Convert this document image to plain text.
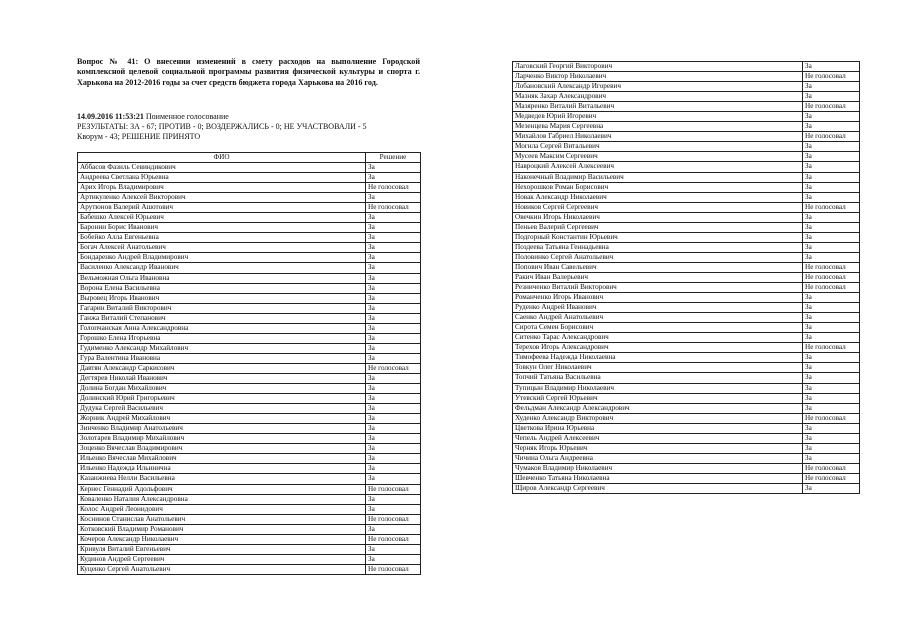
Вопрос № 41: О внесении изменений в смету расходов на выполнение Городской комплексной целевой социальной программы развития физической культуры и спорта г. Харькова на 2012-2016 годы за счет средств бюджета города Харькова на 2016 год.
14.09.2016 11:53:21 Поименное голосование
РЕЗУЛЬТАТЫ: ЗА - 67; ПРОТИВ - 0; ВОЗДЕРЖАЛИСЬ - 0; НЕ УЧАСТВОВАЛИ - 5
Кворум - 43; РЕШЕНИЕ ПРИНЯТО
ФИО	Решение
Аббасов Фазиль Севиндикович	За
Андреева Светлана Юрьевна	За
Арих Игорь Владимирович	Не голосовал
Артикуленко Алексей Викторович	За
Арутюнов Валерий Ашотович	Не голосовал
Бабешко Алексей Юрьевич	За
Баронин Борис Иванович	За
Бобейко Алла Евгеньевна	За
Богач Алексей Анатольевич	За
Бондаренко Андрей Владимирович	За
Василенко Александр Иванович	За
Вельможная Ольга Ивановна	За
Ворона Елена Васильевна	За
Выровец Игорь Иванович	За
Гагарин Виталий Викторович	За
Ганжа Виталий Степанович	За
Голопчанская Анна Александровна	За
Горошко Елена Игорьевна	За
Гудименко Александр Михайлович	За
Гура Валентина Ивановна	За
Давтян Александр Саркисович	Не голосовал
Дегтярев Николай Иванович	За
Долина Богдан Михайлович	За
Долинский Юрий Григорьевич	За
Дудука Сергей Васильевич	За
Жорник Андрей Михайлович	За
Зинченко Владимир Анатольевич	За
Золотарев Владимир Михайлович	За
Зоценко Вячеслав Владимирович	За
Ильенко Вячеслав Михайлович	За
Ильенко Надежда Ильинична	За
Казанжиева Нелли Васильевна	За
Кернес Геннадий Адольфович	Не голосовал
Коваленко Наталия Александровна	За
Колос Андрей Леонидович	За
Коснинов Станислав Анатольевич	Не голосовал
Котковский Владимир Романович	За
Кочеров Александр Николаевич	Не голосовал
Кривуля Виталий Евгеньевич	За
Кудинов Андрей Сергеевич	За
Куценко Сергей Анатольевич	Не голосовал
Лаговский Георгий Викторович	За
Ларченко Виктор Николаевич	Не голосовал
Лобановский Александр Игоревич	За
Мазняк Захар Александрович	За
Мазяренко Виталий Витальевич	Не голосовал
Медведев Юрий Игоревич	За
Мезенцева Мария Сергеевна	За
Михайлов Габриел Николаевич	Не голосовал
Могила Сергей Витальевич	За
Мусеев Максим Сергеевич	За
Навроцкий Алексей Алексеевич	За
Наконечный Владимир Васильевич	За
Нехорошков Роман Борисович	За
Новак Александр Николаевич	За
Новиков Сергей Сергеевич	Не голосовал
Овечкин Игорь Николаевич	За
Пеньев Валерий Сергеевич	За
Подгорный Константин Юрьевич	За
Поздеева Татьяна Геннадьевна	За
Половинко Сергей Анатольевич	За
Попович Иван Савельевич	Не голосовал
Ракич Иван Валерьевич	Не голосовал
Резниченко Виталий Викторович	Не голосовал
Романченко Игорь Иванович	За
Руденко Андрей Иванович	За
Саенко Андрей Анатольевич	За
Сирота Семен Борисович	За
Ситенко Тарас Александрович	За
Терехов Игорь Александрович	Не голосовал
Тимофеева Надежда Николаевна	За
Товкун Олег Николаевич	За
Топчий Татьяна Васильевна	За
Тупицын Владимир Николаевич	За
Утевский Сергей Юрьевич	За
Фельдман Александр Александрович	За
Худенко Александр Викторович	Не голосовал
Цветкова Ирина Юрьевна	За
Чепель Андрей Алексеевич	За
Черняк Игорь Юрьевич	За
Чичина Ольга Андреевна	За
Чумаков Владимир Николаевич	Не голосовал
Шевченко Татьяна Николаевна	Не голосовал
Щиров Александр Сергеевич	За
